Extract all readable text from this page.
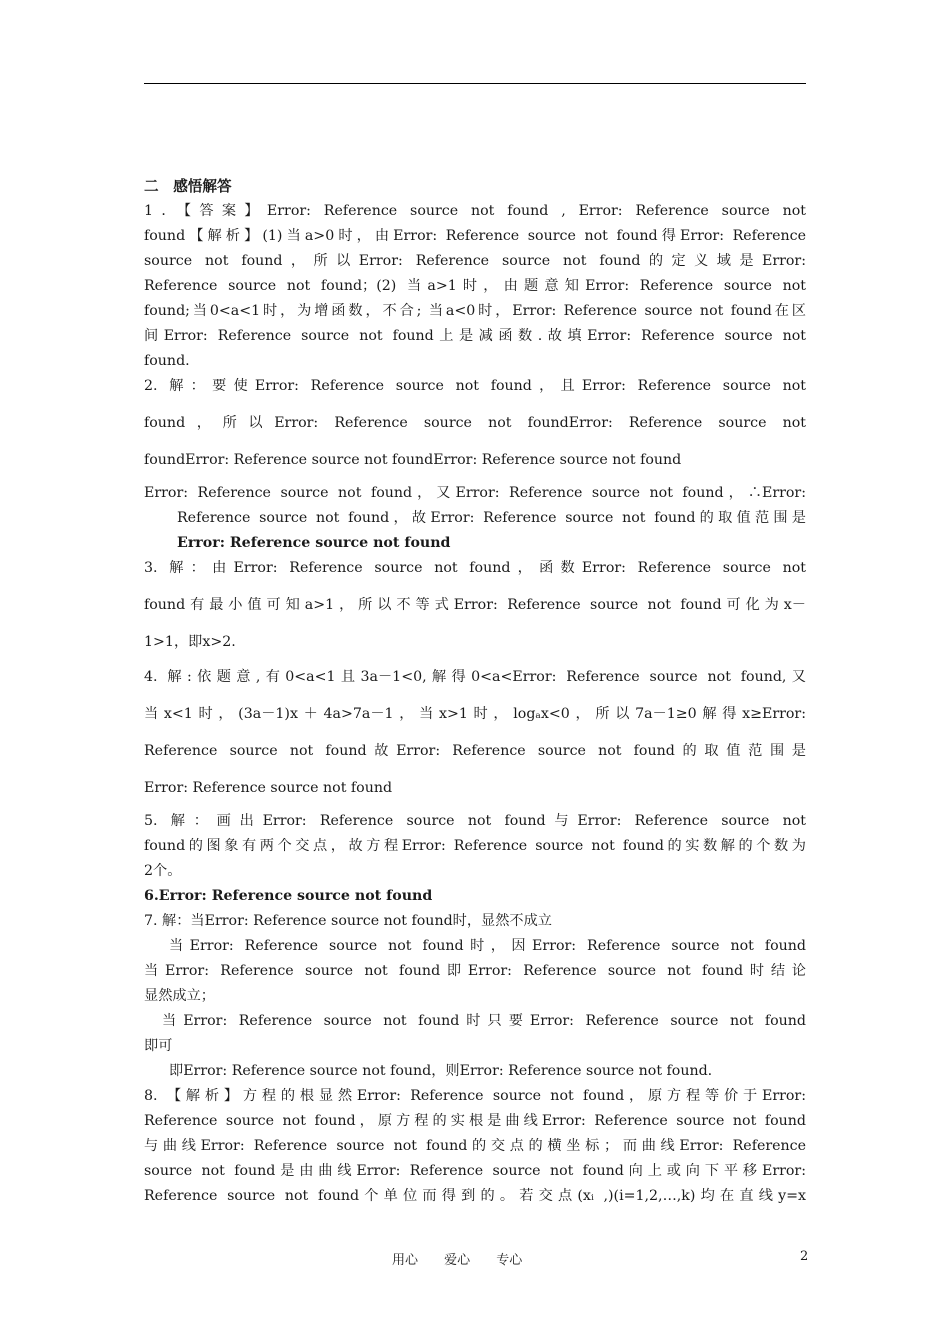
二　感悟解答
1．【答案】Error: Reference source not found , Error: Reference source not
found【解析】(1)当a>0时，由Error: Reference source not found得Error: Reference
source not found，所以Error: Reference source not found的定义域是Error:
Reference source not found；(2) 当a>1时，由题意知Error: Reference source not
found;当0<a<1时，为增函数，不合; 当a<0时，Error: Reference source not found在区
间Error: Reference source not found上是减函数.故填Error: Reference source not
found.
2. 解：要使Error: Reference source not found，且Error: Reference source not
found，所以Error: Reference source not foundError: Reference source not
foundError: Reference source not foundError: Reference source not found
Error: Reference source not found，又Error: Reference source not found，∴Error:
Reference source not found，故Error: Reference source not found的取值范围是
Error: Reference source not found
3. 解：由Error: Reference source not found，函数Error: Reference source not
found有最小值可知a>1，所以不等式Error: Reference source not found可化为x－
1>1，即x>2.
4. 解:依题意,有0<a<1且3a－1<0,解得0<a<Error: Reference source not found,又
当x<1时，(3a－1)x＋4a>7a－1，当x>1时，logₐx<0，所以7a－1≥0解得x≥Error:
Reference source not found故Error: Reference source not found的取值范围是
Error: Reference source not found
5. 解：画出Error: Reference source not found与Error: Reference source not
found的图象有两个交点，故方程Error: Reference source not found的实数解的个数为
2个。
6.Error: Reference source not found
7. 解：当Error: Reference source not found时，显然不成立
当Error: Reference source not found时，因Error: Reference source not found
当Error: Reference source not found即Error: Reference source not found时结论
显然成立；
当Error: Reference source not found时只要Error: Reference source not found
即可
即Error: Reference source not found，则Error: Reference source not found.
8. 【解析】方程的根显然Error: Reference source not found，原方程等价于Error:
Reference source not found，原方程的实根是曲线Error: Reference source not found
与曲线Error: Reference source not found的交点的横坐标；而曲线Error: Reference
source not found是由曲线Error: Reference source not found向上或向下平移Error:
Reference source not found个单位而得到的。若交点(xᵢ ,)(i=1,2,…,k)均在直线y=x
用心 爱心 专心	2
